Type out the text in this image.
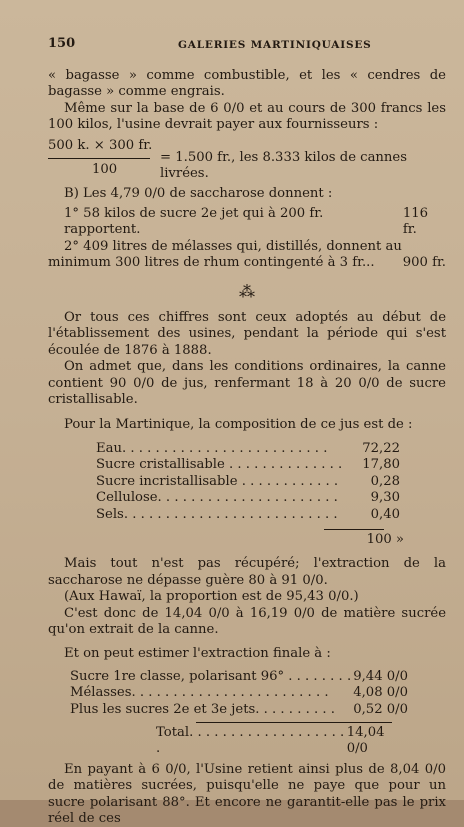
150	GALERIES MARTINIQUAISES

« bagasse » comme combustible, et les « cendres de bagasse » comme engrais.

Même sur la base de 6 0/0 et au cours de 300 francs les 100 kilos, l'usine devrait payer aux fournisseurs :

500 k. × 300 fr.
100
= 1.500 fr., les 8.333 kilos de cannes livrées.

B) Les 4,79 0/0 de saccharose donnent :

1° 58 kilos de sucre 2e jet qui à 200 fr. rapportent.
116 fr.
2° 409 litres de mélasses qui, distillés, donnent au
minimum 300 litres de rhum contingenté à 3 fr... 900 fr.
⁂

Or tous ces chiffres sont ceux adoptés au début de l'établissement des usines, pendant la période qui s'est écoulée de 1876 à 1888.

On admet que, dans les conditions ordinaires, la canne contient 90 0/0 de jus, renfermant 18 à 20 0/0 de sucre cristallisable.

Pour la Martinique, la composition de ce jus est de :

Eau. . . . . . . . . . . . . . . . . . . . . . . . .	72,22
Sucre cristallisable . . . . . . . . . . . . . . 17,80
Sucre incristallisable . . . . . . . . . . . . 0,28
Cellulose. . . . . . . . . . . . . . . . . . . . . . 9,30
Sels. . . . . . . . . . . . . . . . . . . . . . . . . .	0,40
100 »

Mais tout n'est pas récupéré; l'extraction de la saccharose ne dépasse guère 80 à 91 0/0.

(Aux Hawaï, la proportion est de 95,43 0/0.)

C'est donc de 14,04 0/0 à 16,19 0/0 de matière sucrée qu'on extrait de la canne.

Et on peut estimer l'extraction finale à :

Sucre 1re classe, polarisant 96° . . . . . . . . 9,44 0/0
Mélasses. . . . . . . . . . . . . . . . . . . . . . . . 4,08 0/0
Plus les sucres 2e et 3e jets. . . . . . . . . . 0,52 0/0
Total. . . . . . . . . . . . . . . . . . . .
14,04 0/0

En payant à 6 0/0, l'Usine retient ainsi plus de 8,04 0/0 de matières sucrées, puisqu'elle ne paye que pour un sucre polarisant 88°. Et encore ne garantit-elle pas le prix réel de ces
